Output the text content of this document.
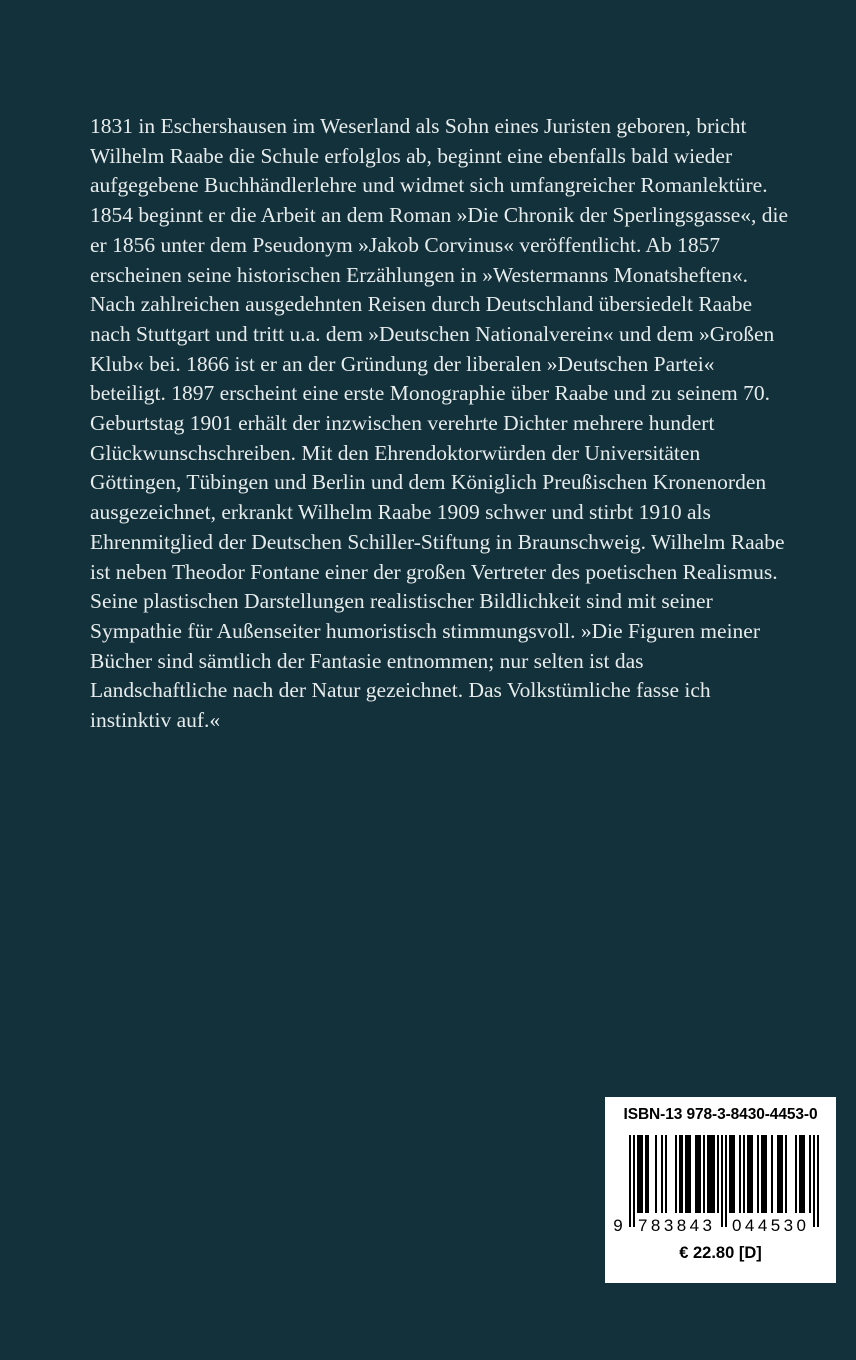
1831 in Eschershausen im Weserland als Sohn eines Juristen geboren, bricht
Wilhelm Raabe die Schule erfolglos ab, beginnt eine ebenfalls bald wieder
aufgegebene Buchhändlerlehre und widmet sich umfangreicher Romanlektüre.
1854 beginnt er die Arbeit an dem Roman »Die Chronik der Sperlingsgasse«, die
er 1856 unter dem Pseudonym »Jakob Corvinus« veröffentlicht. Ab 1857
erscheinen seine historischen Erzählungen in »Westermanns Monatsheften«.
Nach zahlreichen ausgedehnten Reisen durch Deutschland übersiedelt Raabe
nach Stuttgart und tritt u.a. dem »Deutschen Nationalverein« und dem »Großen
Klub« bei. 1866 ist er an der Gründung der liberalen »Deutschen Partei«
beteiligt. 1897 erscheint eine erste Monographie über Raabe und zu seinem 70.
Geburtstag 1901 erhält der inzwischen verehrte Dichter mehrere hundert
Glückwunschschreiben. Mit den Ehrendoktorwürden der Universitäten
Göttingen, Tübingen und Berlin und dem Königlich Preußischen Kronenorden
ausgezeichnet, erkrankt Wilhelm Raabe 1909 schwer und stirbt 1910 als
Ehrenmitglied der Deutschen Schiller-Stiftung in Braunschweig. Wilhelm Raabe
ist neben Theodor Fontane einer der großen Vertreter des poetischen Realismus.
Seine plastischen Darstellungen realistischer Bildlichkeit sind mit seiner
Sympathie für Außenseiter humoristisch stimmungsvoll. »Die Figuren meiner
Bücher sind sämtlich der Fantasie entnommen; nur selten ist das
Landschaftliche nach der Natur gezeichnet. Das Volkstümliche fasse ich
instinktiv auf.«
ISBN-13 978-3-8430-4453-0
9 783843 044530
€ 22.80 [D]
